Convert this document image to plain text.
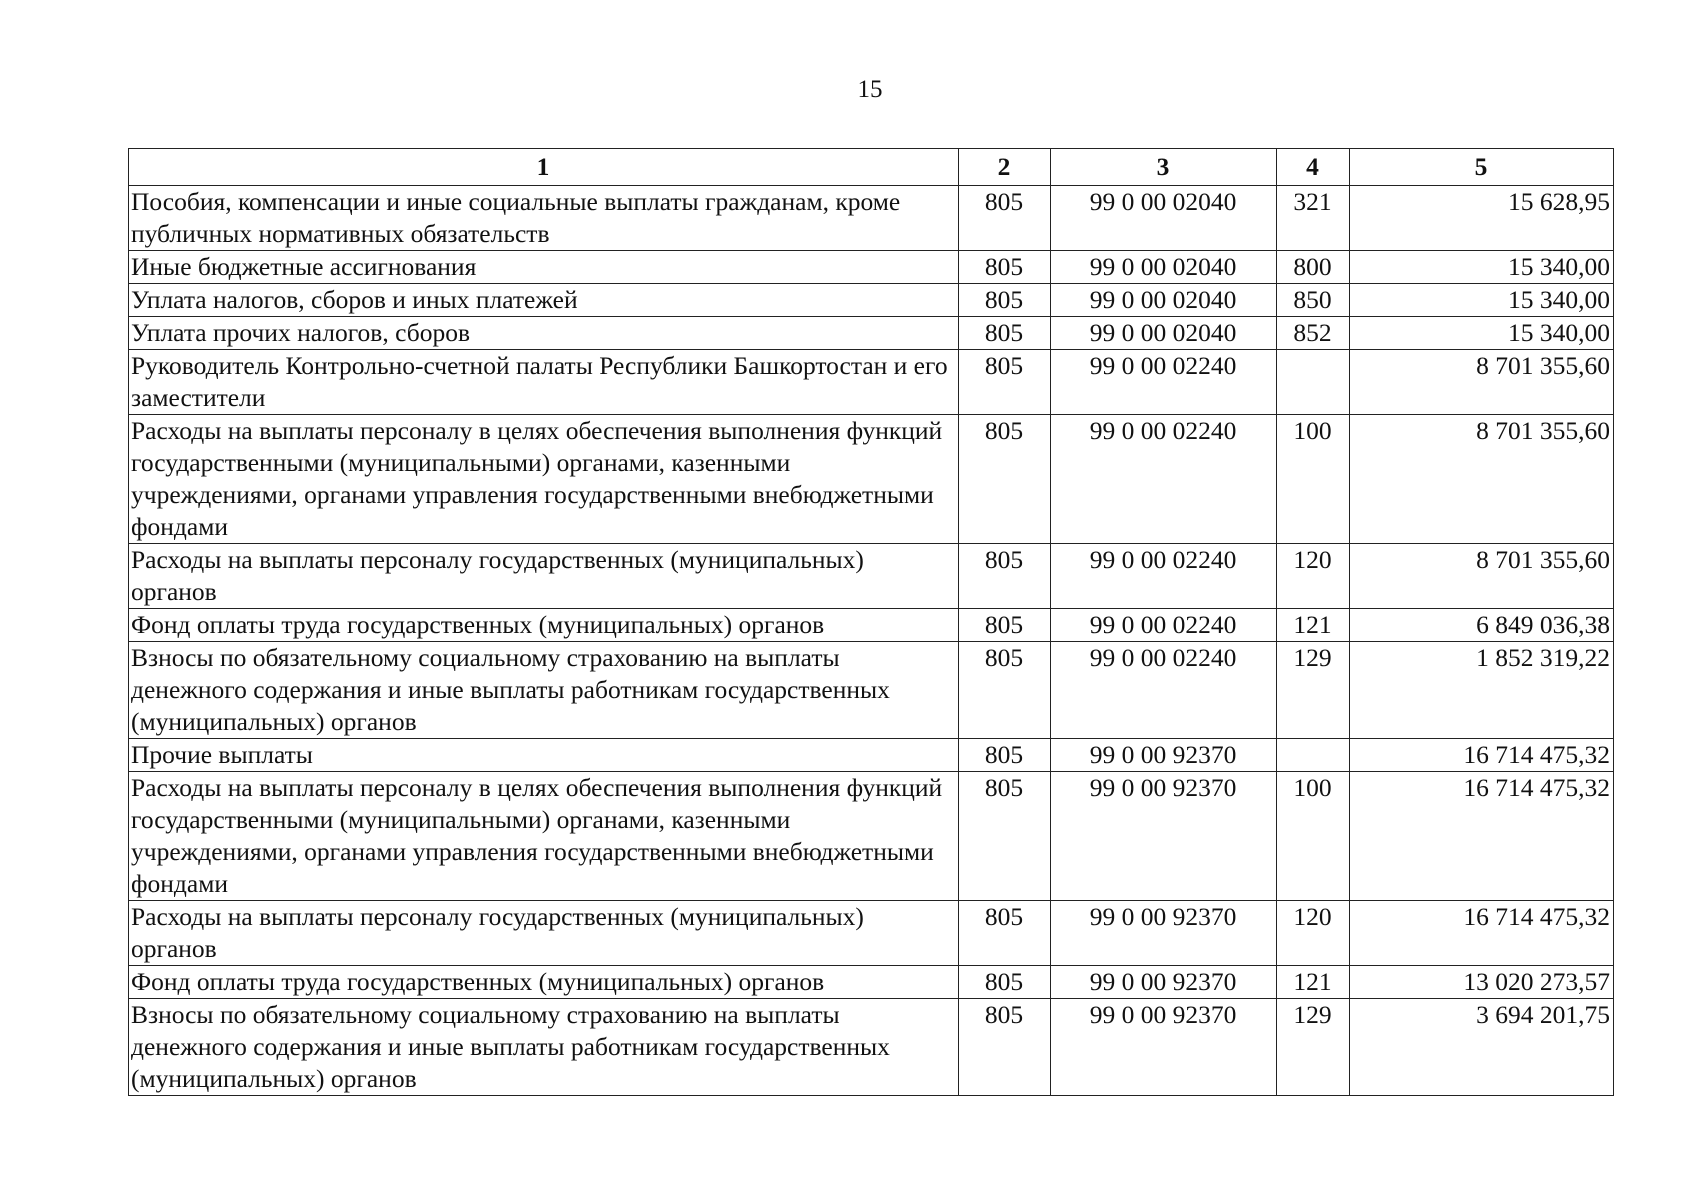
15
1	2	3	4	5
Пособия, компенсации и иные социальные выплаты гражданам, кроме публичных нормативных обязательств	805	99 0 00 02040	321	15 628,95
Иные бюджетные ассигнования	805	99 0 00 02040	800	15 340,00
Уплата налогов, сборов и иных платежей	805	99 0 00 02040	850	15 340,00
Уплата прочих налогов, сборов	805	99 0 00 02040	852	15 340,00
Руководитель Контрольно-счетной палаты Республики Башкортостан и его заместители	805	99 0 00 02240		8 701 355,60
Расходы на выплаты персоналу в целях обеспечения выполнения функций государственными (муниципальными) органами, казенными учреждениями, органами управления государственными внебюджетными фондами	805	99 0 00 02240	100	8 701 355,60
Расходы на выплаты персоналу государственных (муниципальных) органов	805	99 0 00 02240	120	8 701 355,60
Фонд оплаты труда государственных (муниципальных) органов	805	99 0 00 02240	121	6 849 036,38
Взносы по обязательному социальному страхованию на выплаты денежного содержания и иные выплаты работникам государственных (муниципальных) органов	805	99 0 00 02240	129	1 852 319,22
Прочие выплаты	805	99 0 00 92370		16 714 475,32
Расходы на выплаты персоналу в целях обеспечения выполнения функций государственными (муниципальными) органами, казенными учреждениями, органами управления государственными внебюджетными фондами	805	99 0 00 92370	100	16 714 475,32
Расходы на выплаты персоналу государственных (муниципальных) органов	805	99 0 00 92370	120	16 714 475,32
Фонд оплаты труда государственных (муниципальных) органов	805	99 0 00 92370	121	13 020 273,57
Взносы по обязательному социальному страхованию на выплаты денежного содержания и иные выплаты работникам государственных (муниципальных) органов	805	99 0 00 92370	129	3 694 201,75
